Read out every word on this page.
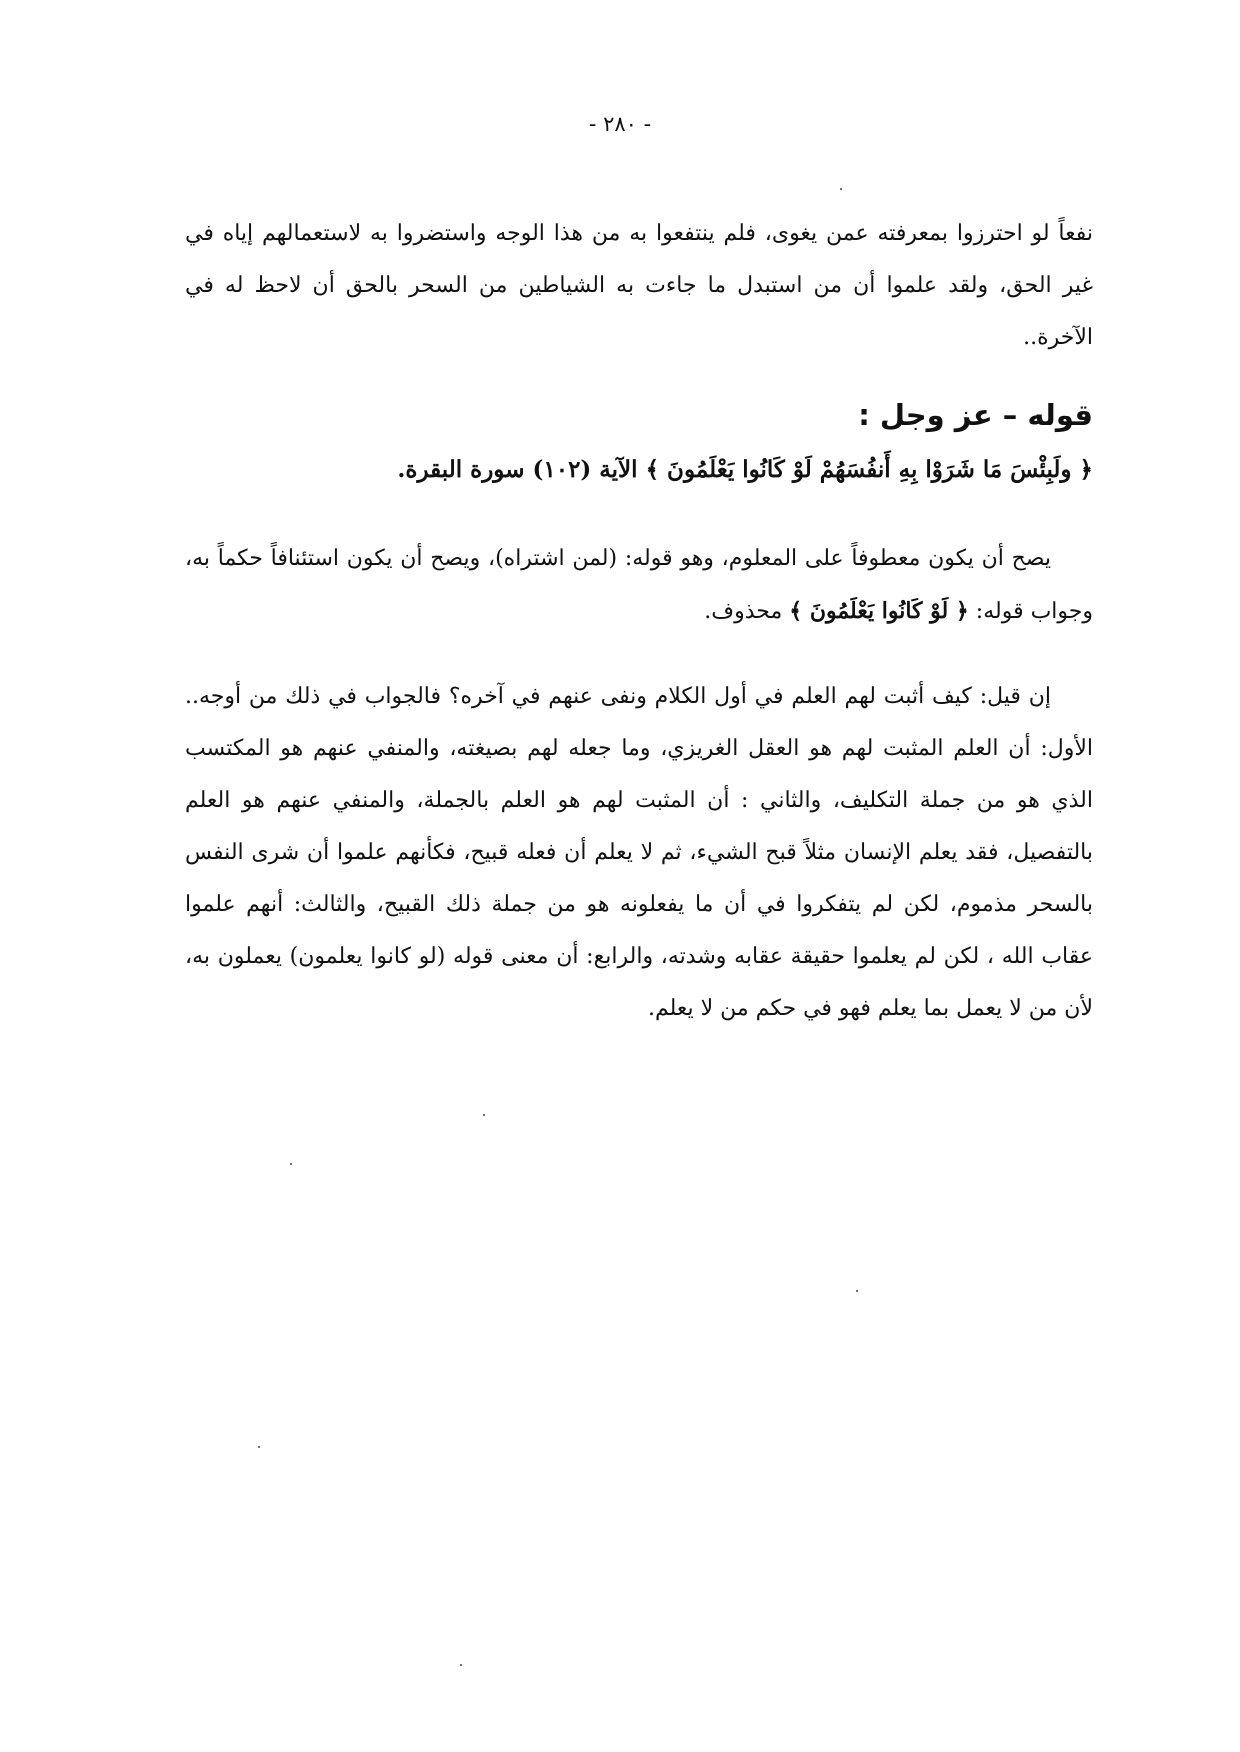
- ٢٨٠ -

نفعاً لو احترزوا بمعرفته عمن يغوى، فلم ينتفعوا به من هذا الوجه واستضروا به لاستعمالهم إياه في غير الحق، ولقد علموا أن من استبدل ما جاءت به الشياطين من السحر بالحق أن لاحظ له في الآخرة..

قوله – عز وجل :
﴿ ولَبِئْسَ مَا شَرَوْا بِهِ أَنفُسَهُمْ لَوْ كَانُوا يَعْلَمُونَ ﴾ الآية (١٠٢) سورة البقرة.

يصح أن يكون معطوفاً على المعلوم، وهو قوله: (لمن اشتراه)، ويصح أن يكون استئنافاً حكماً به، وجواب قوله: ﴿ لَوْ كَانُوا يَعْلَمُونَ ﴾ محذوف.

إن قيل: كيف أثبت لهم العلم في أول الكلام ونفى عنهم في آخره؟ فالجواب في ذلك من أوجه.. الأول: أن العلم المثبت لهم هو العقل الغريزي، وما جعله لهم بصيغته، والمنفي عنهم هو المكتسب الذي هو من جملة التكليف، والثاني : أن المثبت لهم هو العلم بالجملة، والمنفي عنهم هو العلم بالتفصيل، فقد يعلم الإنسان مثلاً قبح الشيء، ثم لا يعلم أن فعله قبيح، فكأنهم علموا أن شرى النفس بالسحر مذموم، لكن لم يتفكروا في أن ما يفعلونه هو من جملة ذلك القبيح، والثالث: أنهم علموا عقاب الله ، لكن لم يعلموا حقيقة عقابه وشدته، والرابع: أن معنى قوله (لو كانوا يعلمون) يعملون به، لأن من لا يعمل بما يعلم فهو في حكم من لا يعلم.
